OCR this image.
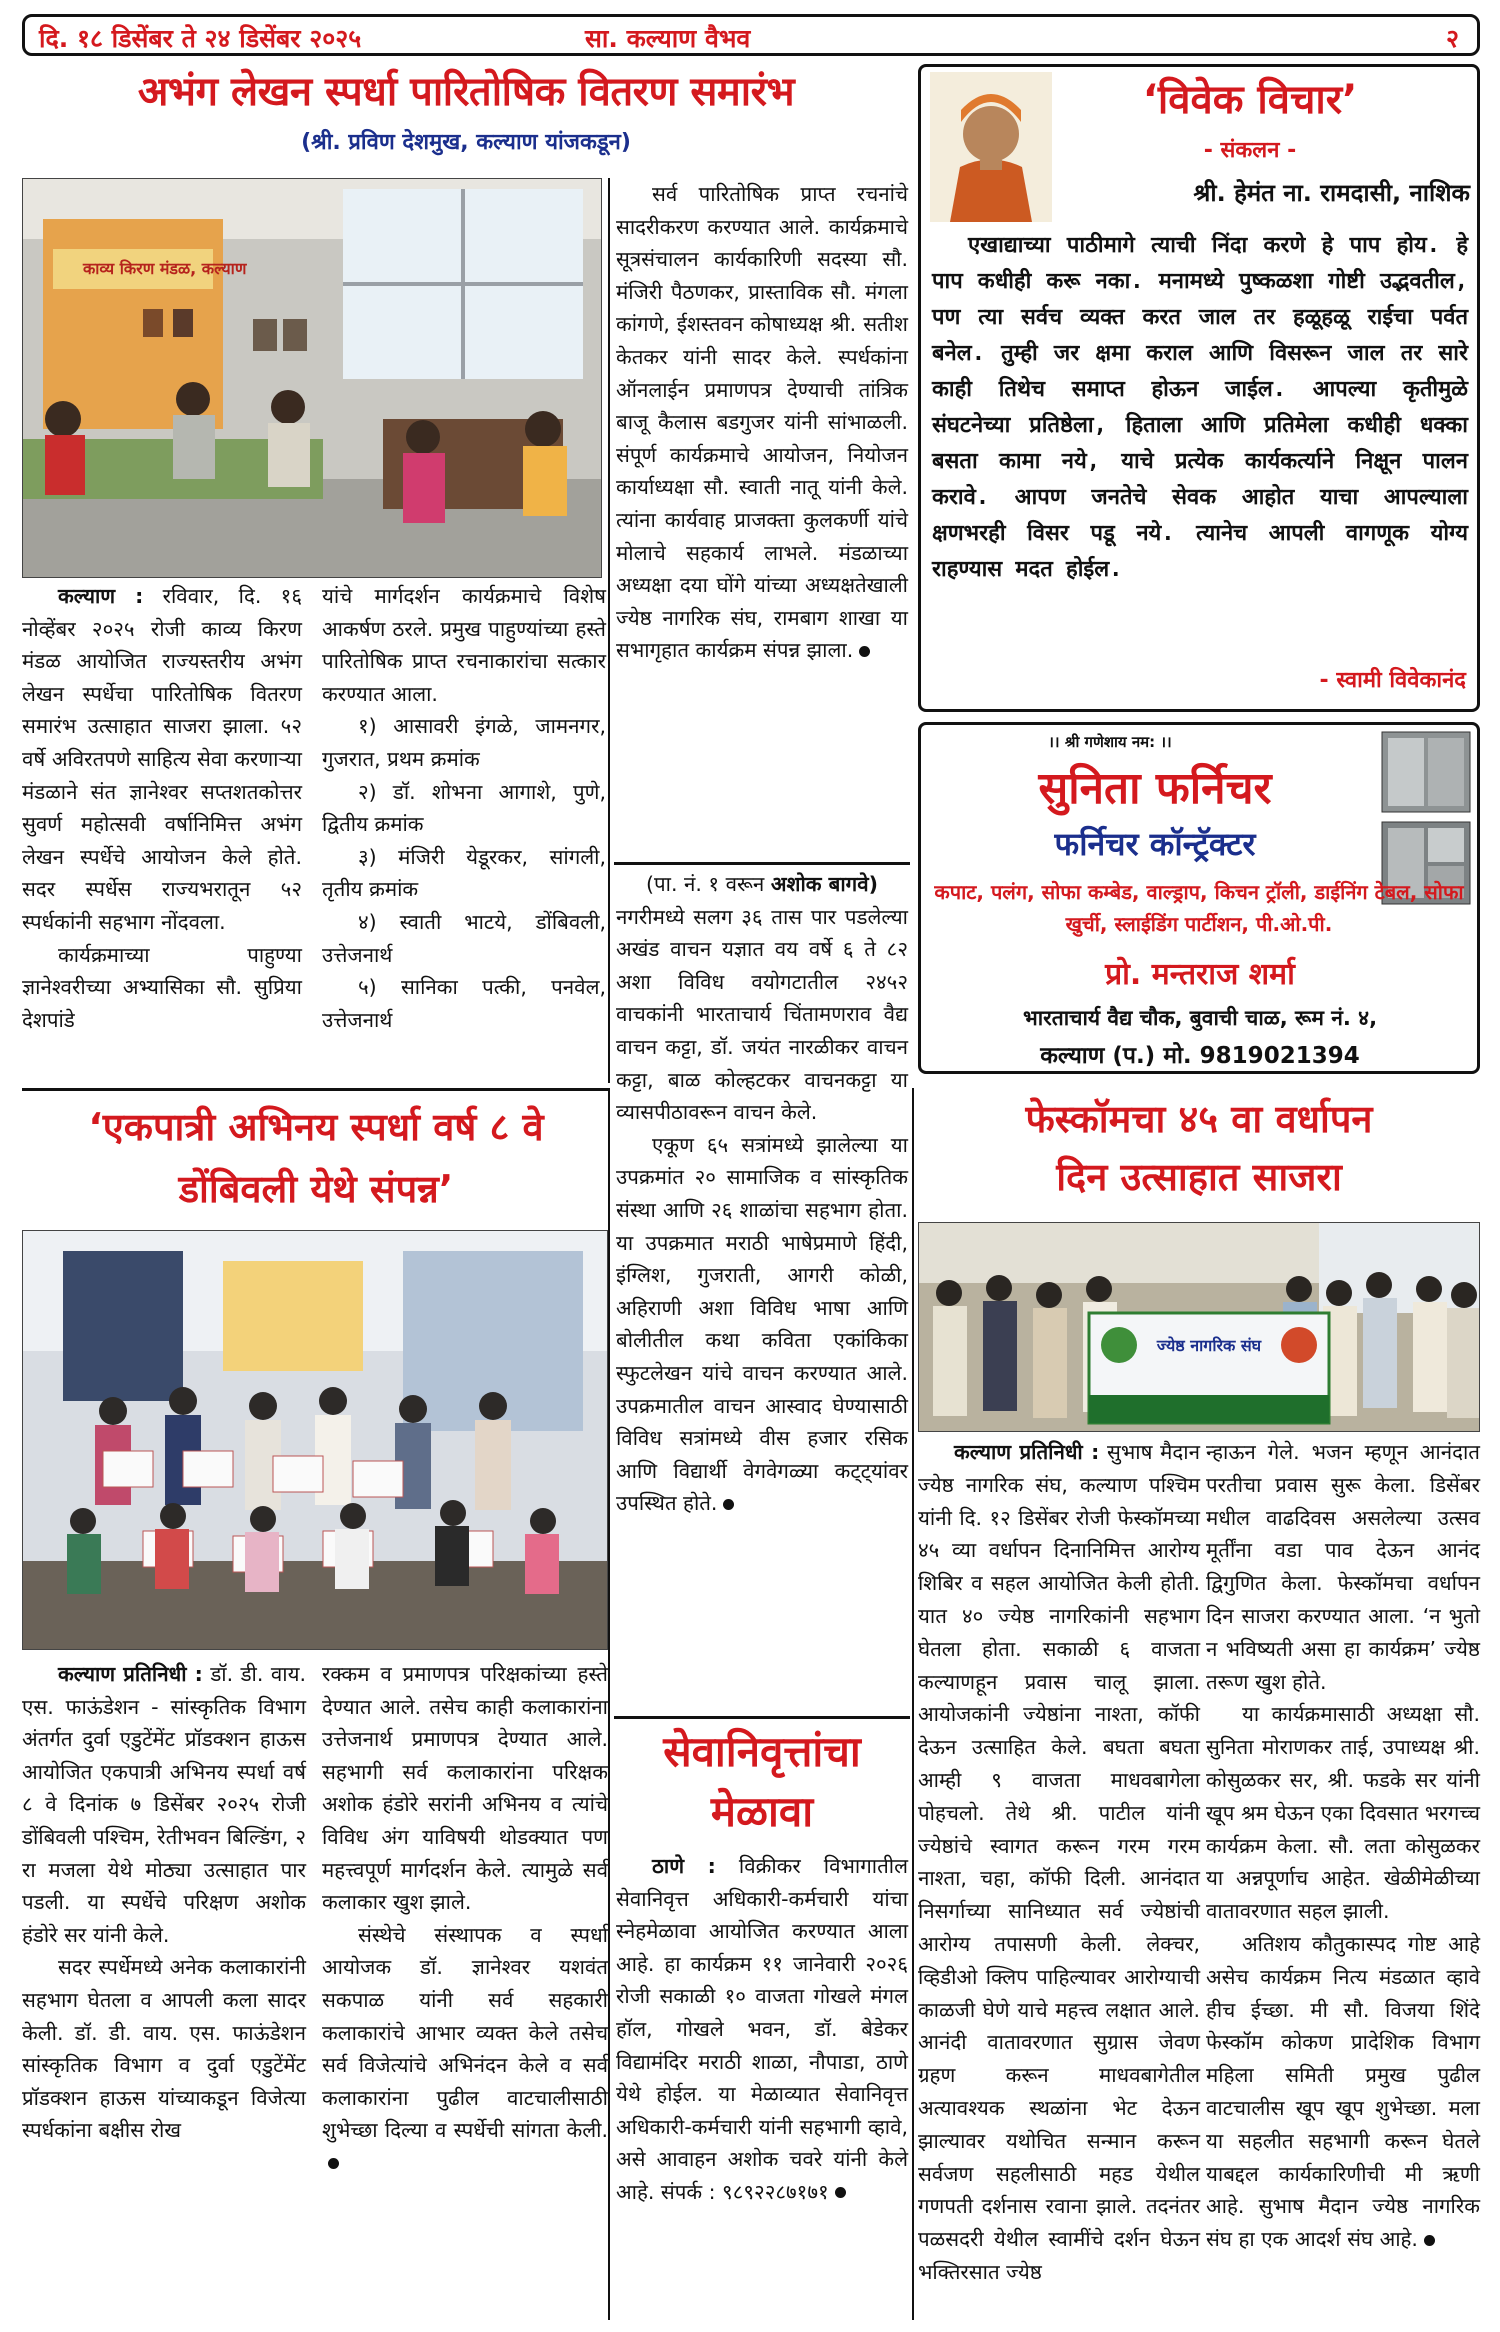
दि. १८ डिसेंबर ते २४ डिसेंबर २०२५	सा. कल्याण वैभव	२
अभंग लेखन स्पर्धा पारितोषिक वितरण समारंभ
(श्री. प्रविण देशमुख, कल्याण यांजकडून)
काव्य किरण मंडळ, कल्याण

कल्याण : रविवार, दि. १६ नोव्हेंबर २०२५ रोजी काव्य किरण मंडळ आयोजित राज्यस्तरीय अभंग लेखन स्पर्धेचा पारितोषिक वितरण समारंभ उत्साहात साजरा झाला. ५२ वर्षे अविरतपणे साहित्य सेवा करणाऱ्या मंडळाने संत ज्ञानेश्वर सप्तशतकोत्तर सुवर्ण महोत्सवी वर्षानिमित्त अभंग लेखन स्पर्धेचे आयोजन केले होते. सदर स्पर्धेस राज्यभरातून ५२ स्पर्धकांनी सहभाग नोंदवला.

कार्यक्रमाच्या पाहुण्या ज्ञानेश्वरीच्या अभ्यासिका सौ. सुप्रिया देशपांडे

यांचे मार्गदर्शन कार्यक्रमाचे विशेष आकर्षण ठरले. प्रमुख पाहुण्यांच्या हस्ते पारितोषिक प्राप्त रचनाकारांचा सत्कार करण्यात आला.

१) आसावरी इंगळे, जामनगर, गुजरात, प्रथम क्रमांक

२) डॉ. शोभना आगाशे, पुणे, द्वितीय क्रमांक

३) मंजिरी येडूरकर, सांगली, तृतीय क्रमांक

४) स्वाती भाटये, डोंबिवली, उत्तेजनार्थ

५) सानिका पत्की, पनवेल, उत्तेजनार्थ

सर्व पारितोषिक प्राप्त रचनांचे सादरीकरण करण्यात आले. कार्यक्रमाचे सूत्रसंचालन कार्यकारिणी सदस्या सौ. मंजिरी पैठणकर, प्रास्ताविक सौ. मंगला कांगणे, ईशस्तवन कोषाध्यक्ष श्री. सतीश केतकर यांनी सादर केले. स्पर्धकांना ऑनलाईन प्रमाणपत्र देण्याची तांत्रिक बाजू कैलास बडगुजर यांनी सांभाळली. संपूर्ण कार्यक्रमाचे आयोजन, नियोजन कार्याध्यक्षा सौ. स्वाती नातू यांनी केले. त्यांना कार्यवाह प्राजक्ता कुलकर्णी यांचे मोलाचे सहकार्य लाभले. मंडळाच्या अध्यक्षा दया घोंगे यांच्या अध्यक्षतेखाली ज्येष्ठ नागरिक संघ, रामबाग शाखा या सभागृहात कार्यक्रम संपन्न झाला.

(पा. नं. १ वरून अशोक बागवे)

नगरीमध्ये सलग ३६ तास पार पडलेल्या अखंड वाचन यज्ञात वय वर्षे ६ ते ८२ अशा विविध वयोगटातील २४५२ वाचकांनी भारताचार्य चिंतामणराव वैद्य वाचन कट्टा, डॉ. जयंत नारळीकर वाचन कट्टा, बाळ कोल्हटकर वाचनकट्टा या व्यासपीठावरून वाचन केले.

एकूण ६५ सत्रांमध्ये झालेल्या या उपक्रमांत २० सामाजिक व सांस्कृतिक संस्था आणि २६ शाळांचा सहभाग होता. या उपक्रमात मराठी भाषेप्रमाणे हिंदी, इंग्लिश, गुजराती, आगरी कोळी, अहिराणी अशा विविध भाषा आणि बोलीतील कथा कविता एकांकिका स्फुटलेखन यांचे वाचन करण्यात आले. उपक्रमातील वाचन आस्वाद घेण्यासाठी विविध सत्रांमध्ये वीस हजार रसिक आणि विद्यार्थी वेगवेगळ्या कट्ट्यांवर उपस्थित होते.

‘विवेक विचार’
- संकलन -
श्री. हेमंत ना. रामदासी, नाशिक
एखाद्याच्या पाठीमागे त्याची निंदा करणे हे पाप होय. हे पाप कधीही करू नका. मनामध्ये पुष्कळशा गोष्टी उद्भवतील, पण त्या सर्वच व्यक्त करत जाल तर हळूहळू राईचा पर्वत बनेल. तुम्ही जर क्षमा कराल आणि विसरून जाल तर सारे काही तिथेच समाप्त होऊन जाईल. आपल्या कृतीमुळे संघटनेच्या प्रतिष्ठेला, हिताला आणि प्रतिमेला कधीही धक्का बसता कामा नये, याचे प्रत्येक कार्यकर्त्याने निक्षून पालन करावे. आपण जनतेचे सेवक आहोत याचा आपल्याला क्षणभरही विसर पडू नये. त्यानेच आपली वागणूक योग्य राहण्यास मदत होईल.
- स्वामी विवेकानंद
।। श्री गणेशाय नम: ।।
सुनिता फर्निचर
फर्निचर कॉन्ट्रॅक्टर
कपाट, पलंग, सोफा कम्बेड, वाल्ड्राप, किचन ट्रॉली, डाईनिंग टेबल, सोफा खुर्ची, स्लाईडिंग पार्टीशन, पी.ओ.पी.
प्रो. मन्तराज शर्मा
भारताचार्य वैद्य चौक, बुवाची चाळ, रूम नं. ४,
कल्याण (प.) मो. 9819021394
‘एकपात्री अभिनय स्पर्धा वर्ष ८ वे
डोंबिवली येथे संपन्न’

कल्याण प्रतिनिधी : डॉ. डी. वाय. एस. फाऊंडेशन - सांस्कृतिक विभाग अंतर्गत दुर्वा एडुटेंमेंट प्रॉडक्शन हाऊस आयोजित एकपात्री अभिनय स्पर्धा वर्ष ८ वे दिनांक ७ डिसेंबर २०२५ रोजी डोंबिवली पश्चिम, रेतीभवन बिल्डिंग, २ रा मजला येथे मोठ्या उत्साहात पार पडली. या स्पर्धेचे परिक्षण अशोक हंडोरे सर यांनी केले.

सदर स्पर्धेमध्ये अनेक कलाकारांनी सहभाग घेतला व आपली कला सादर केली. डॉ. डी. वाय. एस. फाऊंडेशन सांस्कृतिक विभाग व दुर्वा एडुटेंमेंट प्रॉडक्शन हाऊस यांच्याकडून विजेत्या स्पर्धकांना बक्षीस रोख

रक्कम व प्रमाणपत्र परिक्षकांच्या हस्ते देण्यात आले. तसेच काही कलाकारांना उत्तेजनार्थ प्रमाणपत्र देण्यात आले. सहभागी सर्व कलाकारांना परिक्षक अशोक हंडोरे सरांनी अभिनय व त्यांचे विविध अंग याविषयी थोडक्यात पण महत्त्वपूर्ण मार्गदर्शन केले. त्यामुळे सर्व कलाकार खुश झाले.

संस्थेचे संस्थापक व स्पर्धा आयोजक डॉ. ज्ञानेश्वर यशवंत सकपाळ यांनी सर्व सहकारी कलाकारांचे आभार व्यक्त केले तसेच सर्व विजेत्यांचे अभिनंदन केले व सर्व कलाकारांना पुढील वाटचालीसाठी शुभेच्छा दिल्या व स्पर्धेची सांगता केली.

सेवानिवृत्तांचा
मेळावा

ठाणे : विक्रीकर विभागातील सेवानिवृत्त अधिकारी-कर्मचारी यांचा स्नेहमेळावा आयोजित करण्यात आला आहे. हा कार्यक्रम ११ जानेवारी २०२६ रोजी सकाळी १० वाजता गोखले मंगल हॉल, गोखले भवन, डॉ. बेडेकर विद्यामंदिर मराठी शाळा, नौपाडा, ठाणे येथे होईल. या मेळाव्यात सेवानिवृत्त अधिकारी-कर्मचारी यांनी सहभागी व्हावे, असे आवाहन अशोक चवरे यांनी केले आहे. संपर्क : ९८९२२८७१७१

फेस्कॉमचा ४५ वा वर्धापन
दिन उत्साहात साजरा
ज्येष्ठ नागरिक संघ

कल्याण प्रतिनिधी : सुभाष मैदान ज्येष्ठ नागरिक संघ, कल्याण पश्चिम यांनी दि. १२ डिसेंबर रोजी फेस्कॉमच्या ४५ व्या वर्धापन दिनानिमित्त आरोग्य शिबिर व सहल आयोजित केली होती. यात ४० ज्येष्ठ नागरिकांनी सहभाग घेतला होता. सकाळी ६ वाजता कल्याणहून प्रवास चालू झाला. आयोजकांनी ज्येष्ठांना नाश्ता, कॉफी देऊन उत्साहित केले. बघता बघता आम्ही ९ वाजता माधवबागेला पोहचलो. तेथे श्री. पाटील यांनी ज्येष्ठांचे स्वागत करून गरम गरम नाश्ता, चहा, कॉफी दिली. आनंदात निसर्गाच्या सानिध्यात सर्व ज्येष्ठांची आरोग्य तपासणी केली. लेक्चर, व्हिडीओ क्लिप पाहिल्यावर आरोग्याची काळजी घेणे याचे महत्त्व लक्षात आले. आनंदी वातावरणात सुग्रास जेवण ग्रहण करून माधवबागेतील अत्यावश्यक स्थळांना भेट देऊन झाल्यावर यथोचित सन्मान करून सर्वजण सहलीसाठी महड येथील गणपती दर्शनास रवाना झाले. तदनंतर पळसदरी येथील स्वामींचे दर्शन घेऊन भक्तिरसात ज्येष्ठ

न्हाऊन गेले. भजन म्हणून आनंदात परतीचा प्रवास सुरू केला. डिसेंबर मधील वाढदिवस असलेल्या उत्सव मूर्तींना वडा पाव देऊन आनंद द्विगुणित केला. फेस्कॉमचा वर्धापन दिन साजरा करण्यात आला. ‘न भुतो न भविष्यती असा हा कार्यक्रम’ ज्येष्ठ तरूण खुश होते.

या कार्यक्रमासाठी अध्यक्षा सौ. सुनिता मोराणकर ताई, उपाध्यक्ष श्री. कोसुळकर सर, श्री. फडके सर यांनी खूप श्रम घेऊन एका दिवसात भरगच्च कार्यक्रम केला. सौ. लता कोसुळकर या अन्नपूर्णाच आहेत. खेळीमेळीच्या वातावरणात सहल झाली.

अतिशय कौतुकास्पद गोष्ट आहे असेच कार्यक्रम नित्य मंडळात व्हावे हीच ईच्छा. मी सौ. विजया शिंदे फेस्कॉम कोकण प्रादेशिक विभाग महिला समिती प्रमुख पुढील वाटचालीस खूप खूप शुभेच्छा. मला या सहलीत सहभागी करून घेतले याबद्दल कार्यकारिणीची मी ऋणी आहे. सुभाष मैदान ज्येष्ठ नागरिक संघ हा एक आदर्श संघ आहे.
